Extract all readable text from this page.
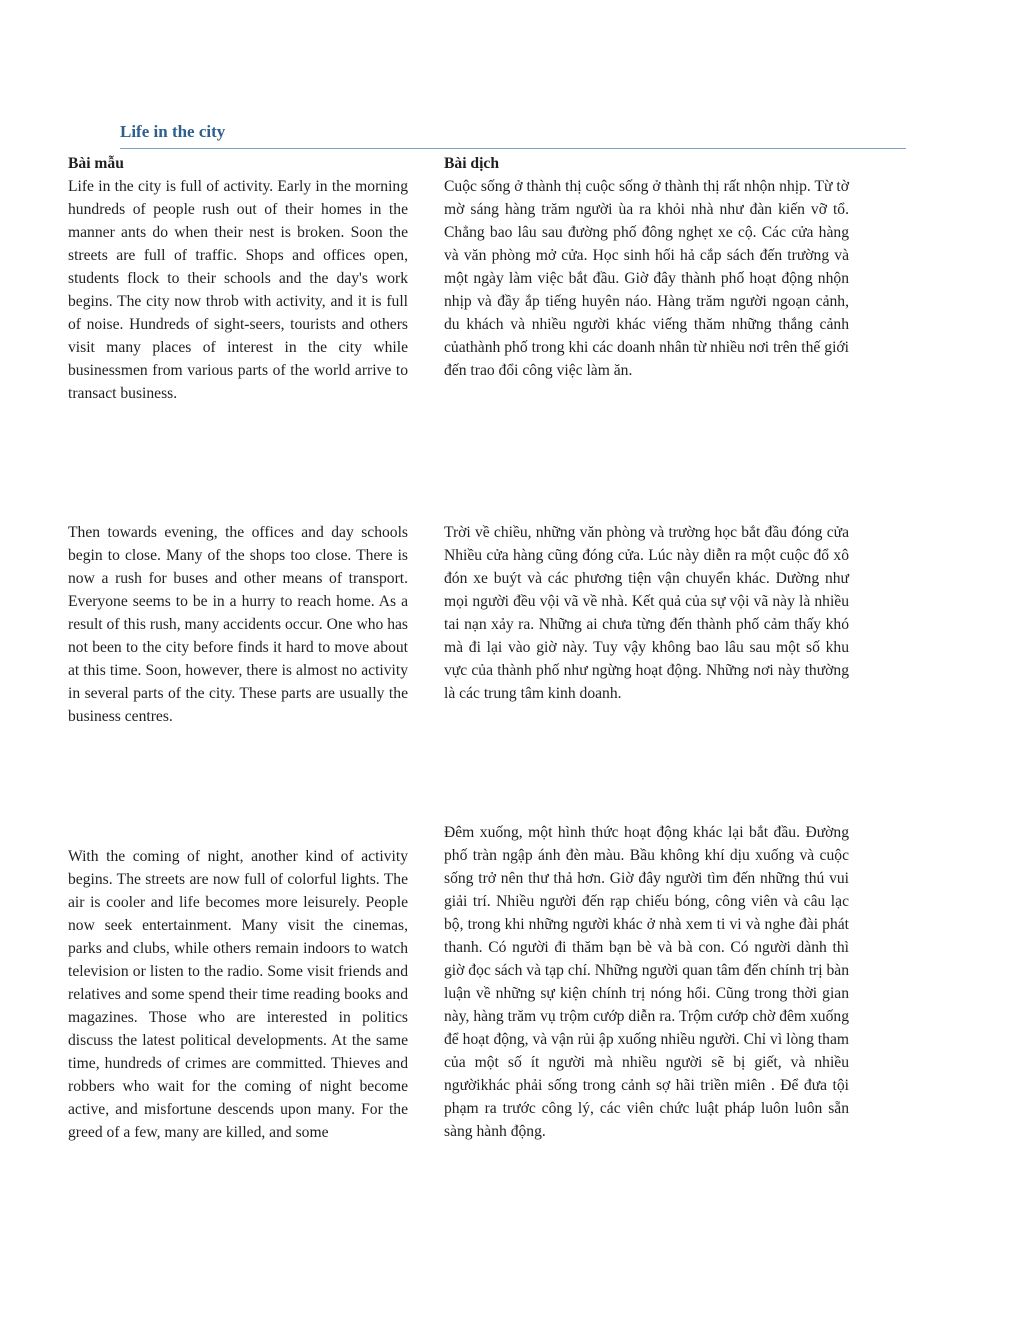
Life in the city

Bài mẫu

Life in the city is full of activity. Early in the morning hundreds of people rush out of their homes in the manner ants do when their nest is broken. Soon the streets are full of traffic. Shops and offices open, students flock to their schools and the day's work begins. The city now throb with activity, and it is full of noise. Hundreds of sight-seers, tourists and others visit many places of interest in the city while businessmen from various parts of the world arrive to transact business.

Then towards evening, the offices and day schools begin to close. Many of the shops too close. There is now a rush for buses and other means of transport. Everyone seems to be in a hurry to reach home. As a result of this rush, many accidents occur. One who has not been to the city before finds it hard to move about at this time. Soon, however, there is almost no activity in several parts of the city. These parts are usually the business centres.

With the coming of night, another kind of activity begins. The streets are now full of colorful lights. The air is cooler and life becomes more leisurely. People now seek entertainment. Many visit the cinemas, parks and clubs, while others remain indoors to watch television or listen to the radio. Some visit friends and relatives and some spend their time reading books and magazines. Those who are interested in politics discuss the latest political developments. At the same time, hundreds of crimes are committed. Thieves and robbers who wait for the coming of night become active, and misfortune descends upon many. For the greed of a few, many are killed, and some

Bài dịch

Cuộc sống ở thành thị cuộc sống ở thành thị rất nhộn nhịp. Từ tờ mờ sáng hàng trăm người ùa ra khỏi nhà như đàn kiến vỡ tổ. Chẳng bao lâu sau đường phố đông nghẹt xe cộ. Các cửa hàng và văn phòng mở cửa. Học sinh hối hả cắp sách đến trường và một ngày làm việc bắt đầu. Giờ đây thành phố hoạt động nhộn nhịp và đầy ắp tiếng huyên náo. Hàng trăm người ngoạn cảnh, du khách và nhiều người khác viếng thăm những thắng cảnh củathành phố trong khi các doanh nhân từ nhiều nơi trên thế giới đến trao đổi công việc làm ăn.

Trời về chiều, những văn phòng và trường học bắt đầu đóng cửa Nhiều cửa hàng cũng đóng cửa. Lúc này diễn ra một cuộc đổ xô đón xe buýt và các phương tiện vận chuyển khác. Dường như mọi người đều vội vã về nhà. Kết quả của sự vội vã này là nhiều tai nạn xảy ra. Những ai chưa từng đến thành phố cảm thấy khó mà đi lại vào giờ này. Tuy vậy không bao lâu sau một số khu vực của thành phố như ngừng hoạt động. Những nơi này thường là các trung tâm kinh doanh.

Đêm xuống, một hình thức hoạt động khác lại bắt đầu. Đường phố tràn ngập ánh đèn màu. Bầu không khí dịu xuống và cuộc sống trở nên thư thả hơn. Giờ đây người tìm đến những thú vui giải trí. Nhiều người đến rạp chiếu bóng, công viên và câu lạc bộ, trong khi những người khác ở nhà xem ti vi và nghe đài phát thanh. Có người đi thăm bạn bè và bà con. Có người dành thì giờ đọc sách và tạp chí. Những người quan tâm đến chính trị bàn luận về những sự kiện chính trị nóng hổi. Cũng trong thời gian này, hàng trăm vụ trộm cướp diễn ra. Trộm cướp chờ đêm xuống để hoạt động, và vận rủi ập xuống nhiều người. Chỉ vì lòng tham của một số ít người mà nhiều người sẽ bị giết, và nhiều ngườikhác phải sống trong cảnh sợ hãi triền miên . Để đưa tội phạm ra trước công lý, các viên chức luật pháp luôn luôn sẵn sàng hành động.
